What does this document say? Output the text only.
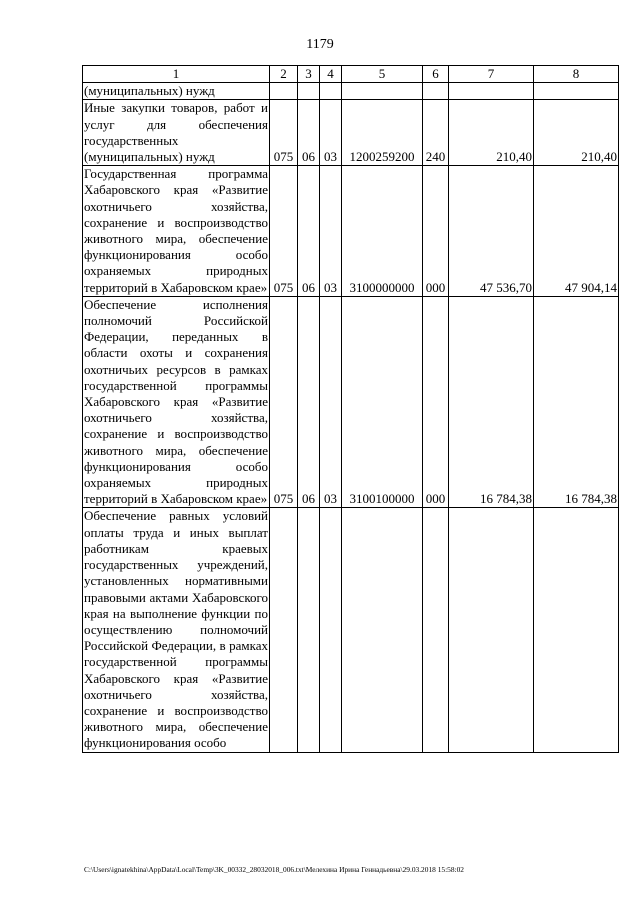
1179
1	2	3	4	5	6	7	8
(муниципальных) нужд							
Иные закупки товаров, работ и услуг для обеспечения государственных (муниципальных) нужд	075	06	03	1200259200	240	210,40	210,40
Государственная программа Хабаровского края «Развитие охотничьего хозяйства, сохранение и воспроизводство животного мира, обеспечение функционирования особо охраняемых природных территорий в Хабаровском крае»	075	06	03	3100000000	000	47 536,70	47 904,14
Обеспечение исполнения полномочий Российской Федерации, переданных в области охоты и сохранения охотничьих ресурсов в рамках государственной программы Хабаровского края «Развитие охотничьего хозяйства, сохранение и воспроизводство животного мира, обеспечение функционирования особо охраняемых природных территорий в Хабаровском крае»	075	06	03	3100100000	000	16 784,38	16 784,38
Обеспечение равных условий оплаты труда и иных выплат работникам краевых государственных учреждений, установленных нормативными правовыми актами Хабаровского края на выполнение функции по осуществлению полномочий Российской Федерации, в рамках государственной программы Хабаровского края «Развитие охотничьего хозяйства, сохранение и воспроизводство животного мира, обеспечение функционирования особо							
C:\Users\ignatekhina\AppData\Local\Temp\3K_00332_28032018_006.txt\Мелехина Ирина Геннадьевна\29.03.2018 15:58:02
